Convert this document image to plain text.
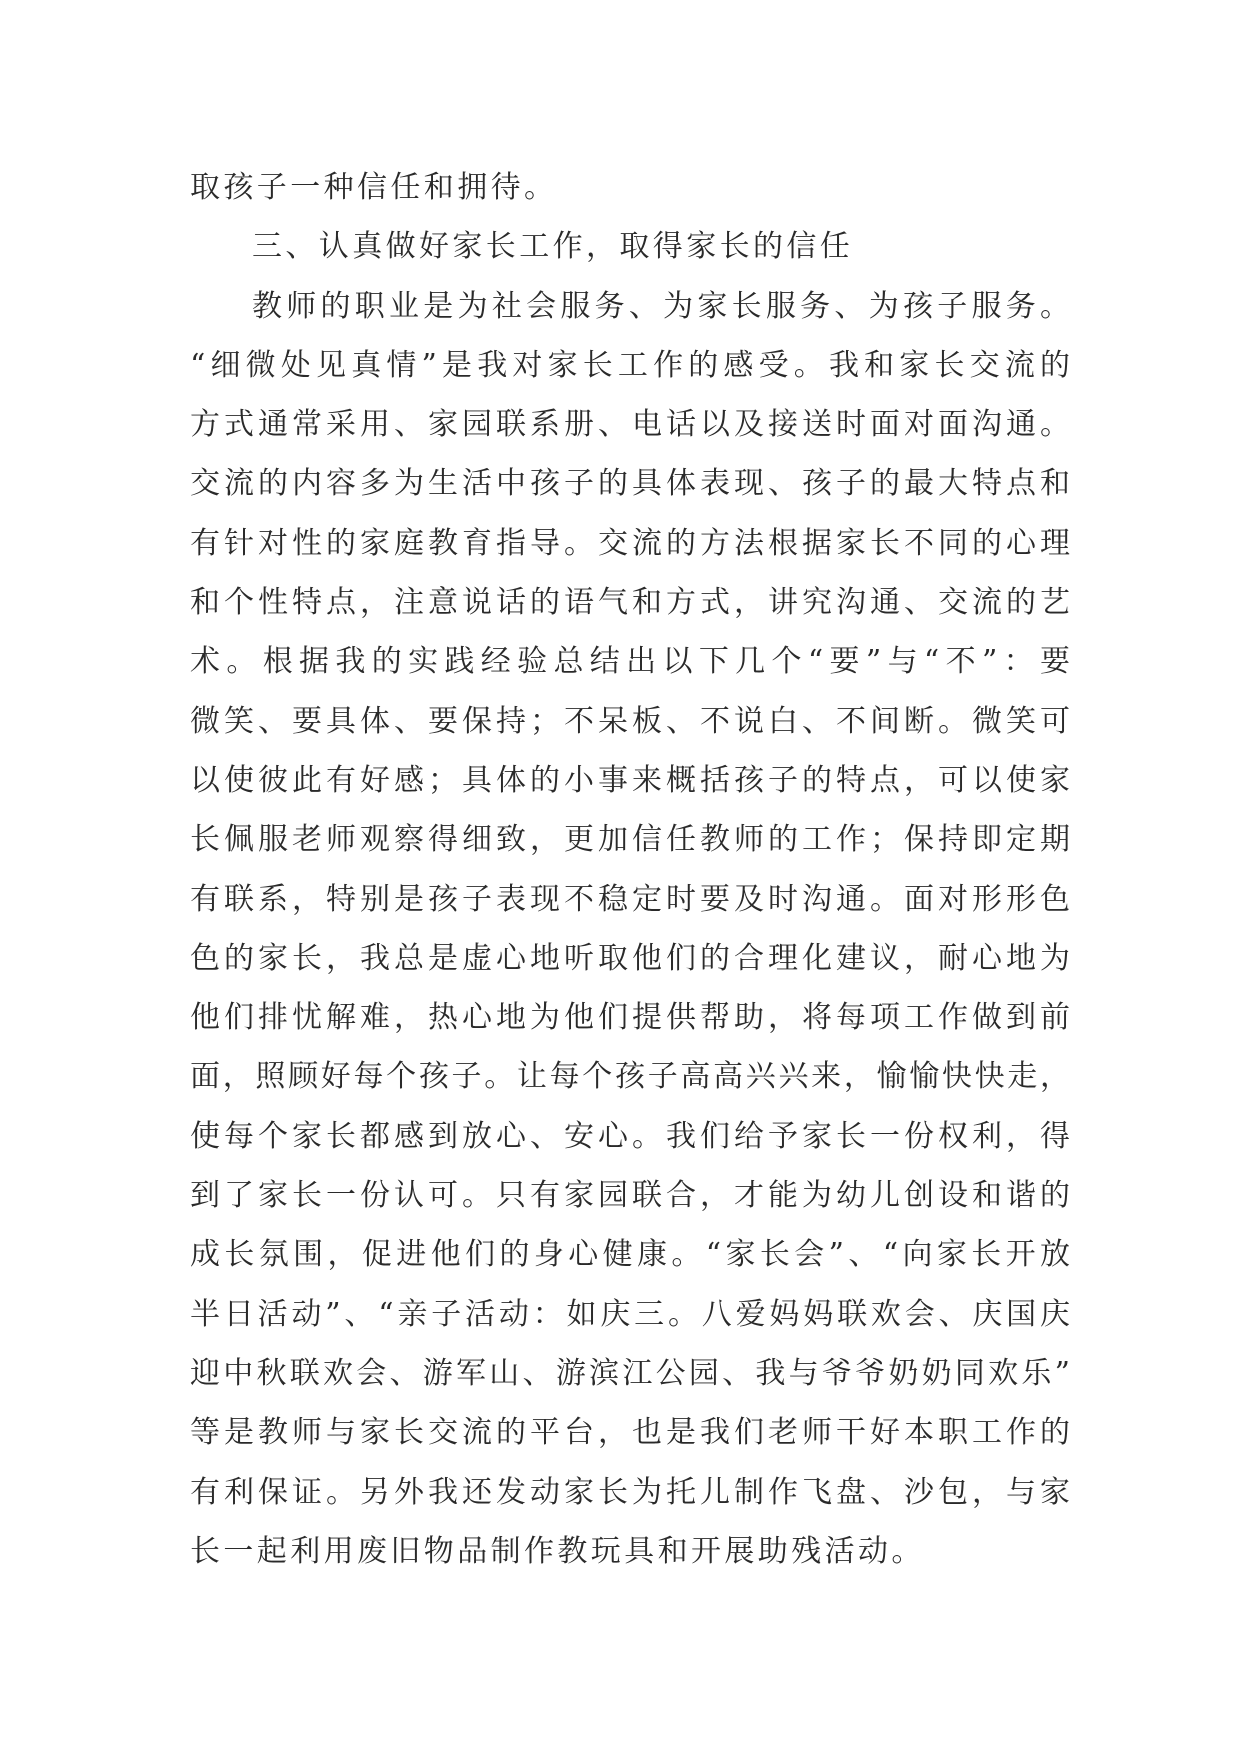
取孩子一种信任和拥待。
三、认真做好家长工作，取得家长的信任
教师的职业是为社会服务、为家长服务、为孩子服务。
“细微处见真情”是我对家长工作的感受。我和家长交流的
方式通常采用、家园联系册、电话以及接送时面对面沟通。
交流的内容多为生活中孩子的具体表现、孩子的最大特点和
有针对性的家庭教育指导。交流的方法根据家长不同的心理
和个性特点，注意说话的语气和方式，讲究沟通、交流的艺
术。根据我的实践经验总结出以下几个“要”与“不”：要
微笑、要具体、要保持；不呆板、不说白、不间断。微笑可
以使彼此有好感；具体的小事来概括孩子的特点，可以使家
长佩服老师观察得细致，更加信任教师的工作；保持即定期
有联系，特别是孩子表现不稳定时要及时沟通。面对形形色
色的家长，我总是虚心地听取他们的合理化建议，耐心地为
他们排忧解难，热心地为他们提供帮助，将每项工作做到前
面，照顾好每个孩子。让每个孩子高高兴兴来，愉愉快快走，
使每个家长都感到放心、安心。我们给予家长一份权利，得
到了家长一份认可。只有家园联合，才能为幼儿创设和谐的
成长氛围，促进他们的身心健康。“家长会”、“向家长开放
半日活动”、“亲子活动：如庆三。八爱妈妈联欢会、庆国庆
迎中秋联欢会、游军山、游滨江公园、我与爷爷奶奶同欢乐”
等是教师与家长交流的平台，也是我们老师干好本职工作的
有利保证。另外我还发动家长为托儿制作飞盘、沙包，与家
长一起利用废旧物品制作教玩具和开展助残活动。
